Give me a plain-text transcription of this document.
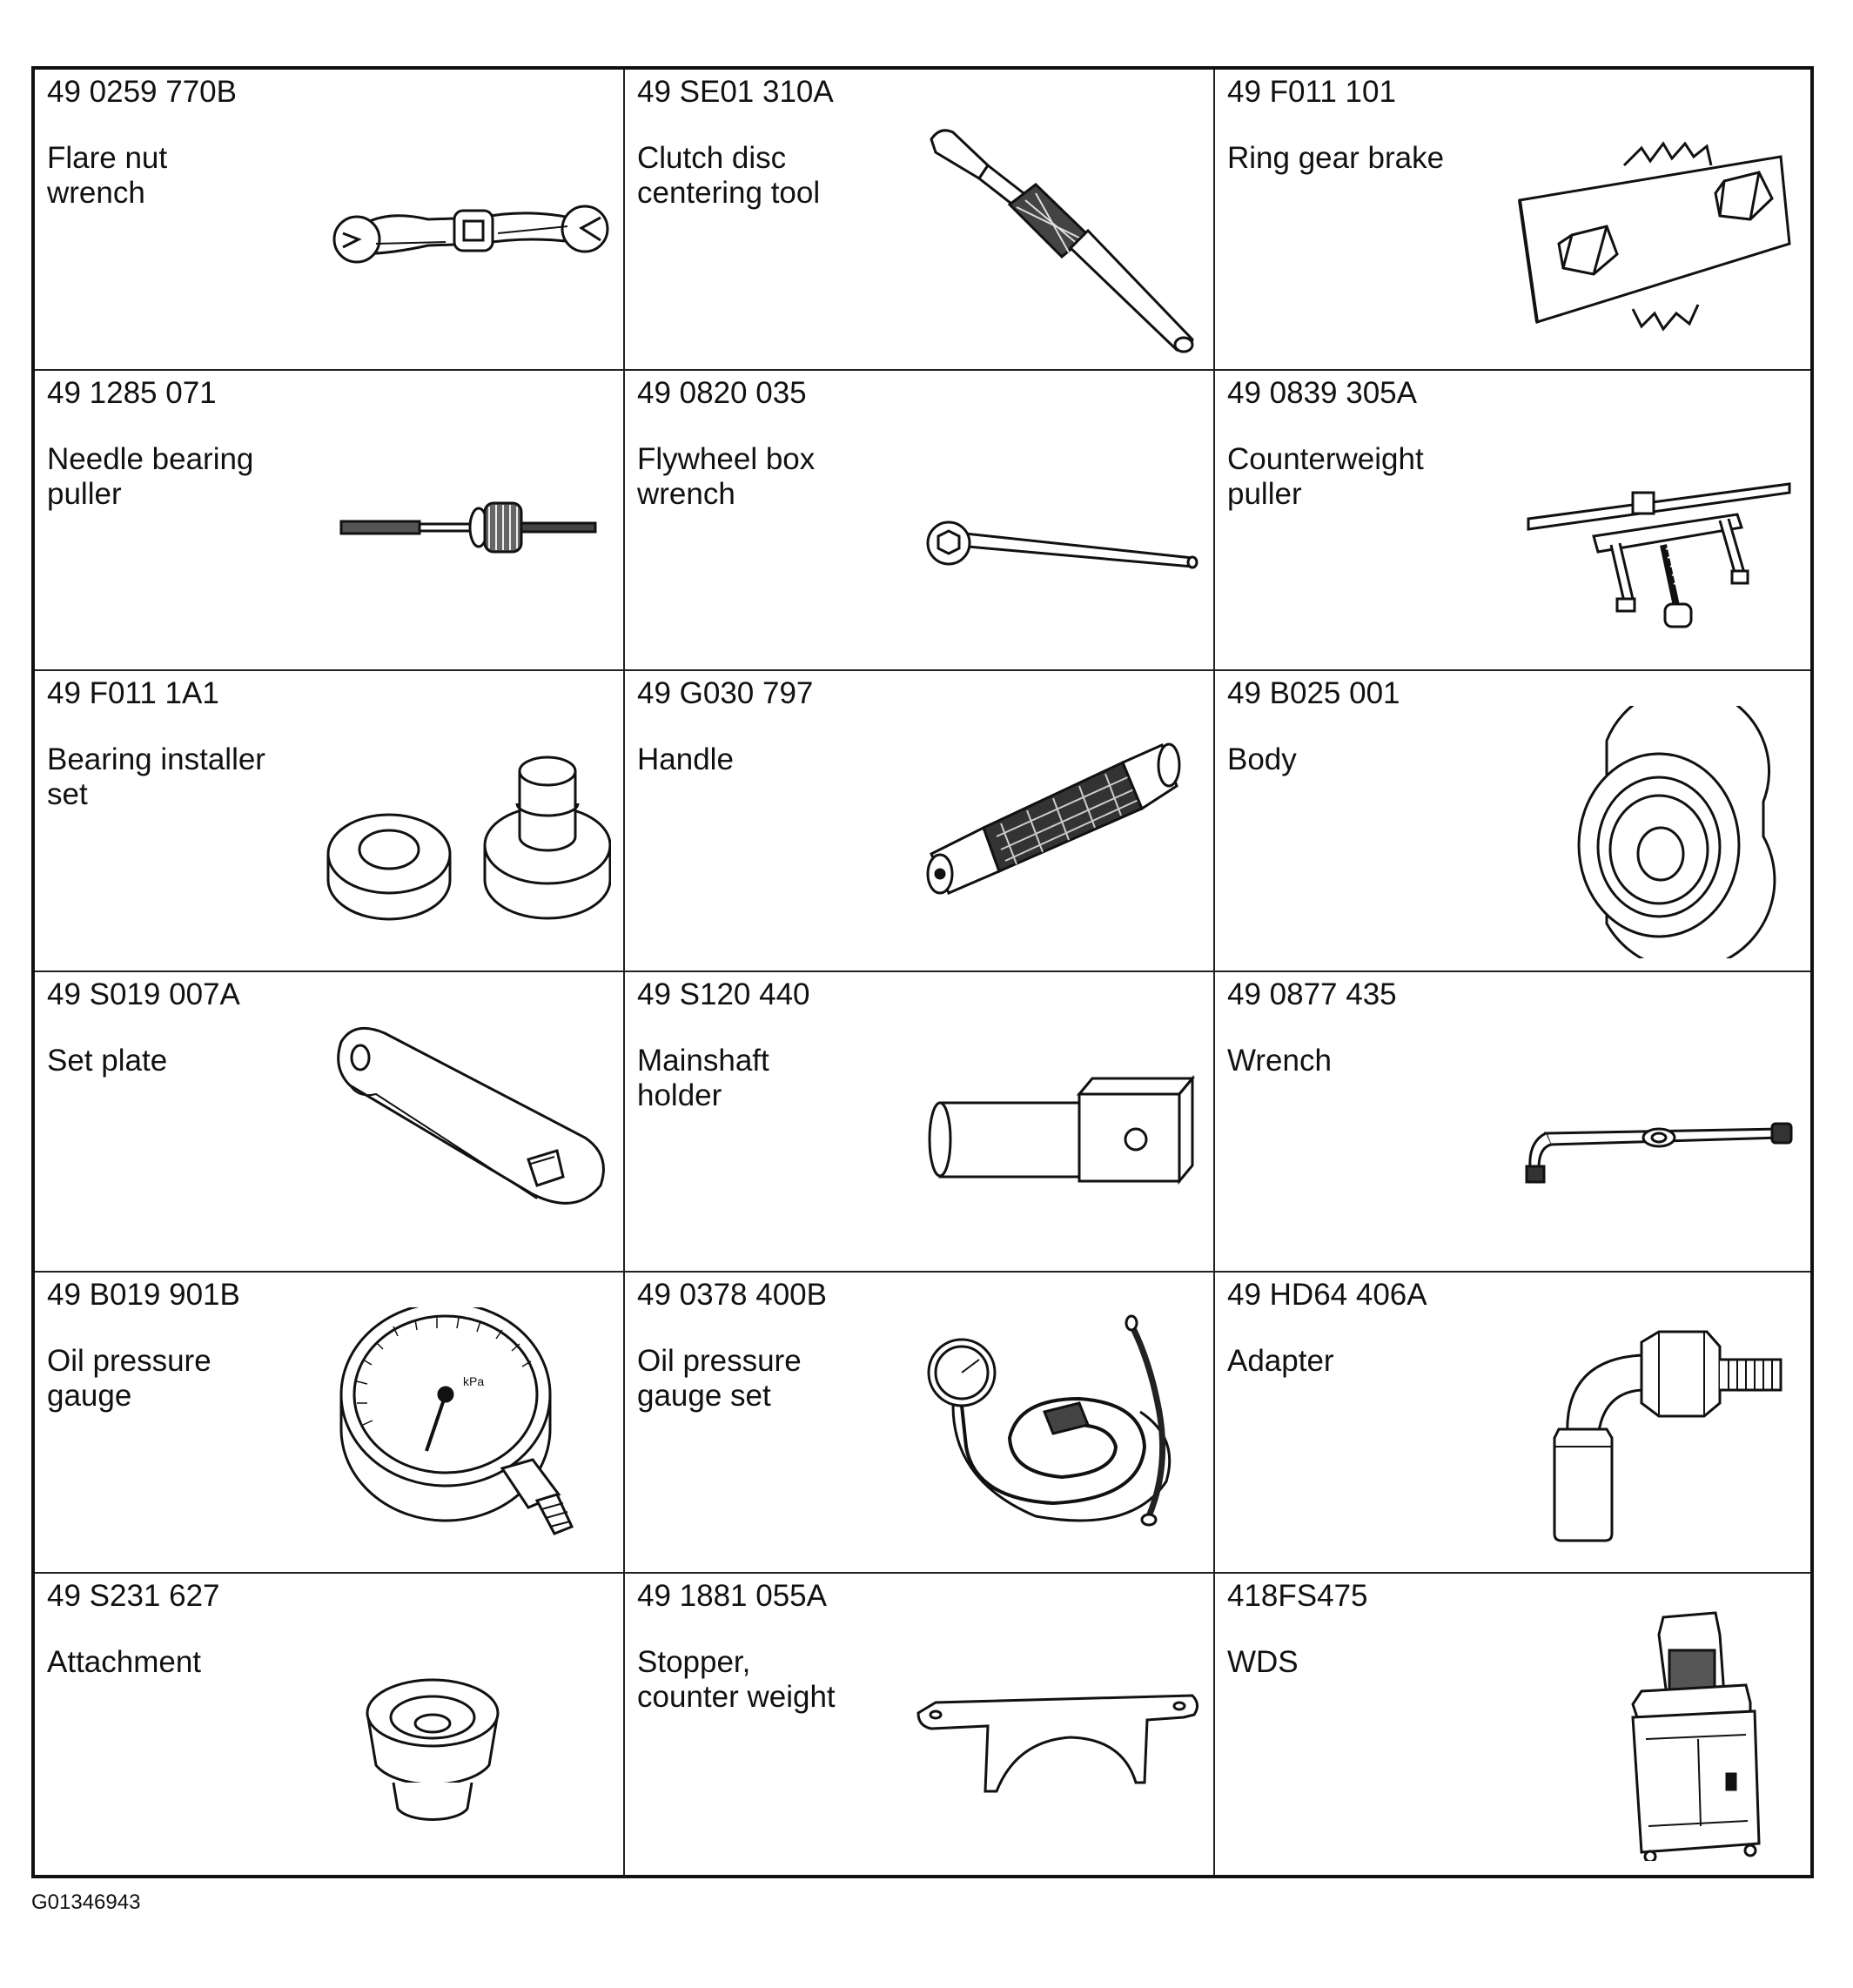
49 0259 770B
Flare nut
wrench
49 SE01 310A
Clutch disc
centering tool
49 F011 101
Ring gear brake
49 1285 071
Needle bearing
puller
49 0820 035
Flywheel box
wrench
49 0839 305A
Counterweight
puller
49 F011 1A1
Bearing installer
set
49 G030 797
Handle
49 B025 001
Body
49 S019 007A
Set plate
49 S120 440
Mainshaft
holder
49 0877 435
Wrench
49 B019 901B
Oil pressure
gauge	kPa
49 0378 400B
Oil pressure
gauge set
49 HD64 406A
Adapter
49 S231 627
Attachment
49 1881 055A
Stopper,
counter weight
418FS475
WDS
G01346943
